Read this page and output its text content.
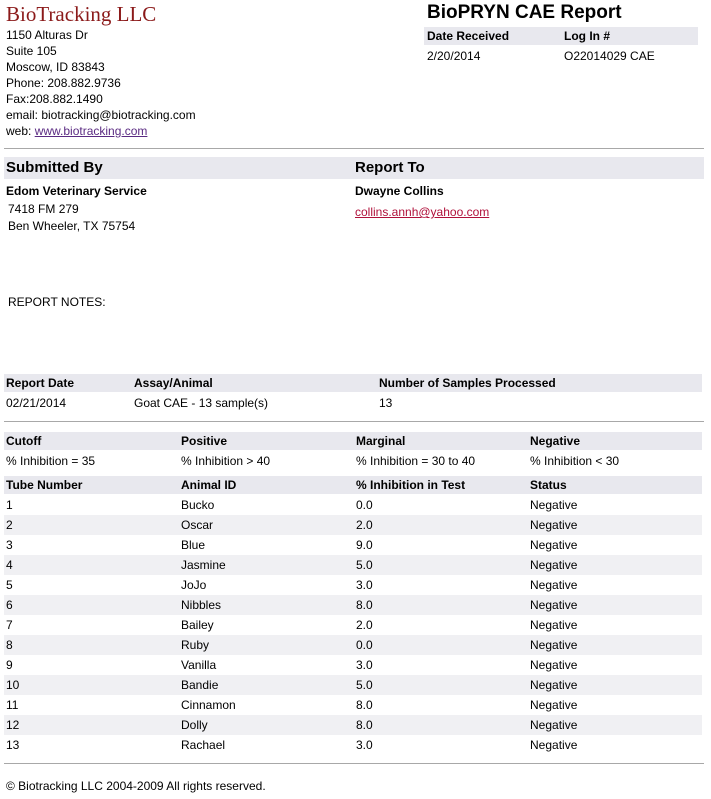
BioTracking LLC
1150 Alturas Dr
Suite 105
Moscow, ID 83843
Phone: 208.882.9736
Fax:208.882.1490
email: biotracking@biotracking.com
web: www.biotracking.com
BioPRYN CAE Report
Date Received	Log In #
2/20/2014	O22014029 CAE
Submitted By	Report To
Edom Veterinary Service
7418 FM 279
Ben Wheeler, TX 75754
Dwayne Collins
collins.annh@yahoo.com
REPORT NOTES:
Report Date	Assay/Animal	Number of Samples Processed
02/21/2014	Goat CAE - 13 sample(s)	13
Cutoff	Positive	Marginal	Negative
% Inhibition = 35	% Inhibition > 40	% Inhibition = 30 to 40	% Inhibition < 30
Tube Number	Animal ID	% Inhibition in Test	Status
1	Bucko	0.0	Negative
2	Oscar	2.0	Negative
3	Blue	9.0	Negative
4	Jasmine	5.0	Negative
5	JoJo	3.0	Negative
6	Nibbles	8.0	Negative
7	Bailey	2.0	Negative
8	Ruby	0.0	Negative
9	Vanilla	3.0	Negative
10	Bandie	5.0	Negative
11	Cinnamon	8.0	Negative
12	Dolly	8.0	Negative
13	Rachael	3.0	Negative
© Biotracking LLC 2004-2009 All rights reserved.
